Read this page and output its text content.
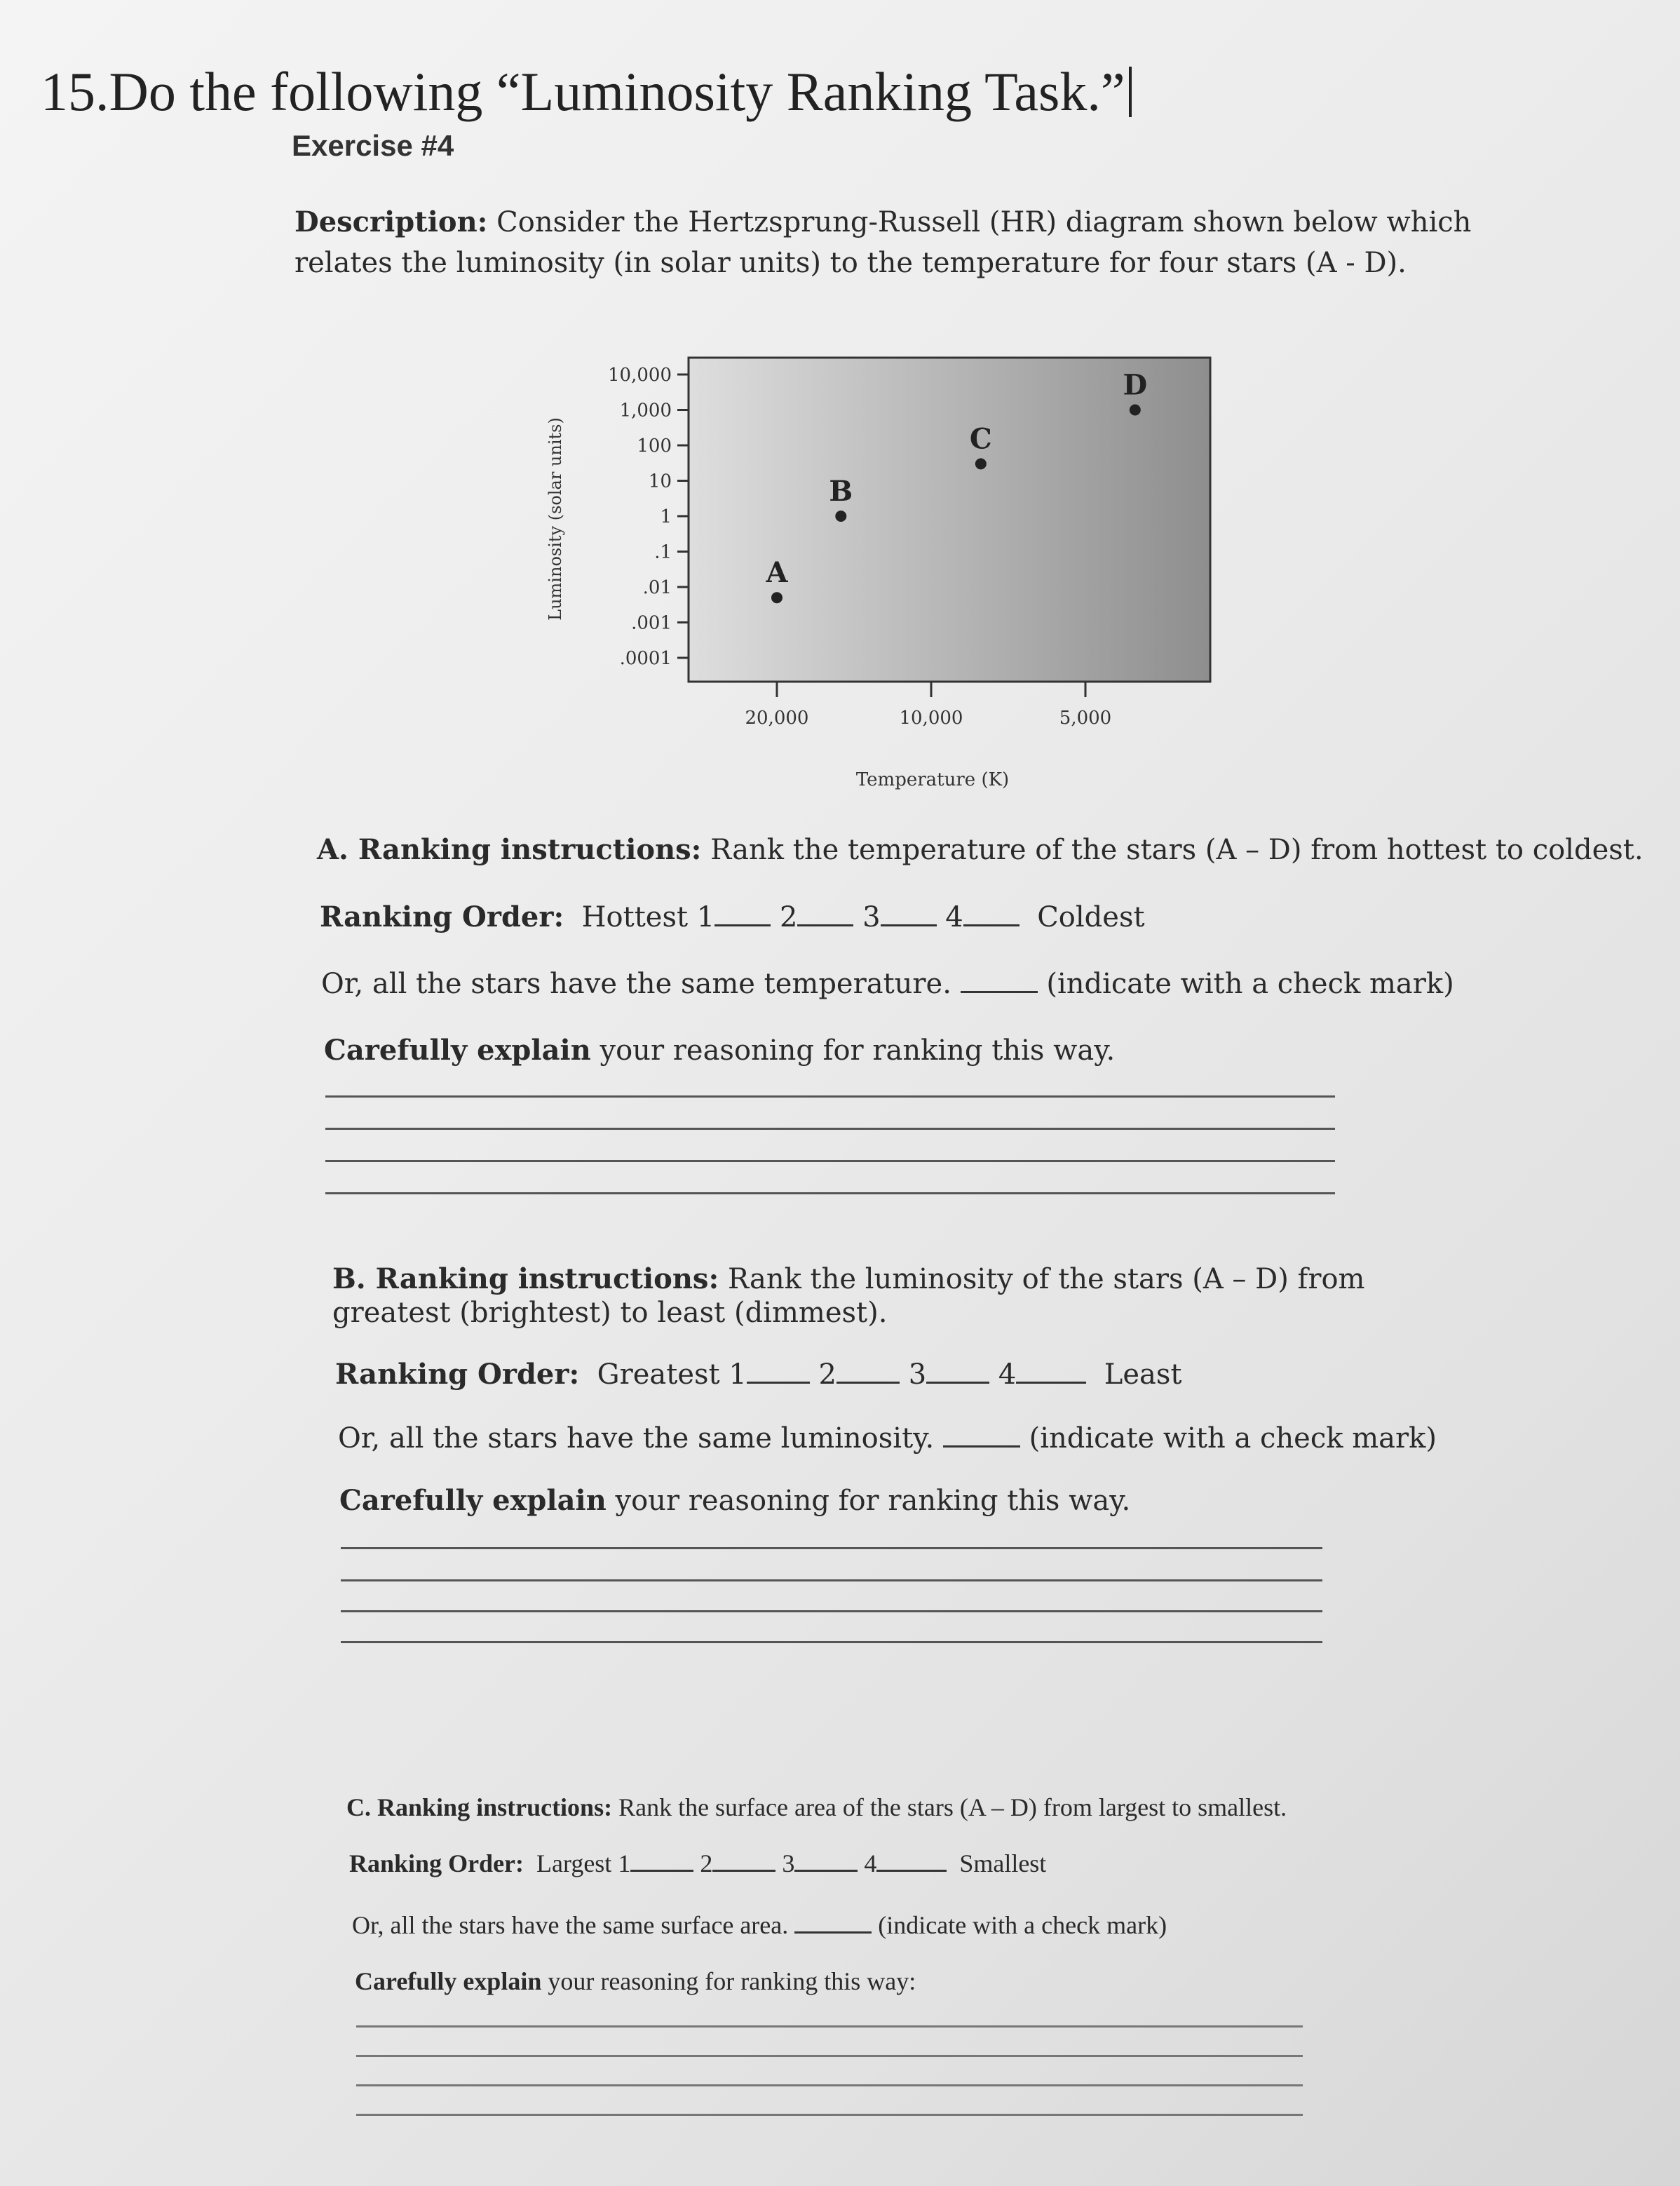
15.Do the following “Luminosity Ranking Task.”
Exercise #4
Description: Consider the Hertzsprung-Russell (HR) diagram shown below which relates the luminosity (in solar units) to the temperature for four stars (A - D).
10,000
1,000
100
10
1
.1
.01
.001
.0001
20,000	10,000	5,000
A
B
C
D
Temperature (K)
Luminosity (solar units)
A. Ranking instructions: Rank the temperature of the stars (A – D) from hottest to coldest.
Ranking Order: Hottest 1 2 3 4	Coldest
Or, all the stars have the same temperature.	(indicate with a check mark)
Carefully explain your reasoning for ranking this way.
B. Ranking instructions: Rank the luminosity of the stars (A – D) from greatest (brightest) to least (dimmest).
Ranking Order: Greatest 1	2	3	4	Least
Or, all the stars have the same luminosity.	(indicate with a check mark)
Carefully explain your reasoning for ranking this way.
C. Ranking instructions: Rank the surface area of the stars (A – D) from largest to smallest.
Ranking Order: Largest 1	2	3	4	Smallest
Or, all the stars have the same surface area.	(indicate with a check mark)
Carefully explain your reasoning for ranking this way:
